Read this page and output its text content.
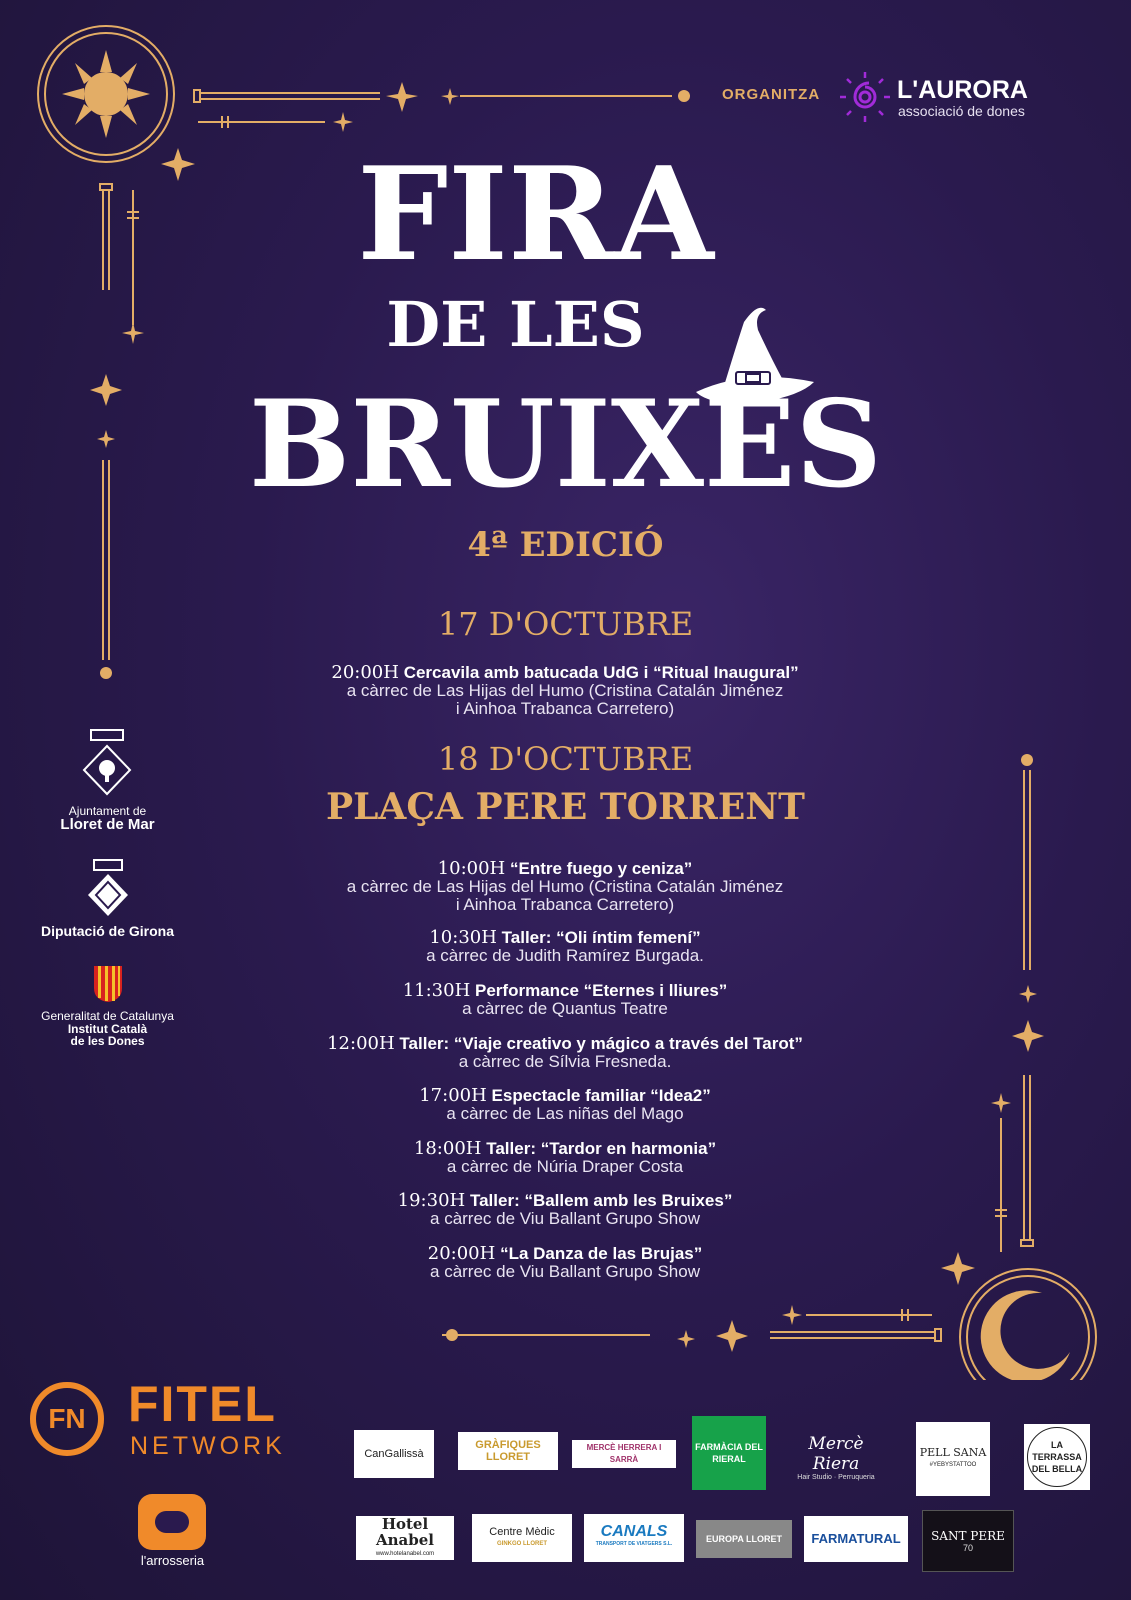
ORGANITZA	L'AURORA
associació de dones
FIRA
DE LES
BRUIXES
4ª EDICIÓ
17 D'OCTUBRE
20:00H Cercavila amb batucada UdG i “Ritual Inaugural”
a càrrec de Las Hijas del Humo (Cristina Catalán Jiménez
i Ainhoa Trabanca Carretero)
18 D'OCTUBRE
PLAÇA PERE TORRENT
10:00H “Entre fuego y ceniza”
a càrrec de Las Hijas del Humo (Cristina Catalán Jiménez
i Ainhoa Trabanca Carretero)
10:30H Taller: “Oli íntim femení”
a càrrec de Judith Ramírez Burgada.
11:30H Performance “Eternes i lliures”
a càrrec de Quantus Teatre
12:00H Taller: “Viaje creativo y mágico a través del Tarot”
a càrrec de Sílvia Fresneda.
17:00H Espectacle familiar “Idea2”
a càrrec de Las niñas del Mago
18:00H Taller: “Tardor en harmonia”
a càrrec de Núria Draper Costa
19:30H Taller: “Ballem amb les Bruixes”
a càrrec de Viu Ballant Grupo Show
20:00H “La Danza de las Brujas”
a càrrec de Viu Ballant Grupo Show
Ajuntament de
Lloret de Mar
Diputació de Girona
Generalitat de Catalunya
Institut Català
de les Dones
FN FITEL
NETWORK
l'arrosseria
CanGallissà
GRÀFIQUES LLORET
MERCÈ HERRERA I SARRÀ
FARMÀCIA DEL RIERAL
Mercè Riera
Hair Studio · Perruqueria
PELL SANA
#YEBYSTATTOO
LA TERRASSA DEL BELLA
Hotel Anabel
www.hotelanabel.com
Centre Mèdic
GINKGO LLORET
CANALS
TRANSPORT DE VIATGERS S.L.	EUROPA LLORET FARMATURAL	SANT PERE
70
